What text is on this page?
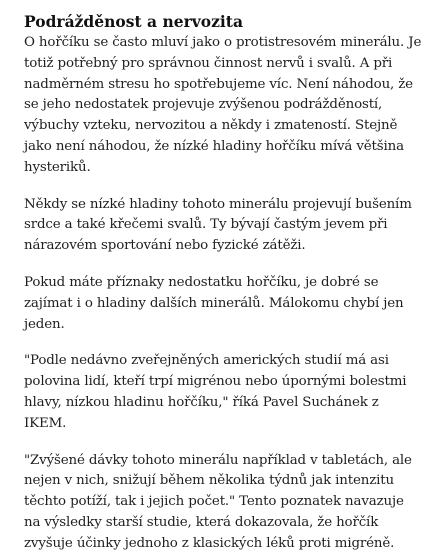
Podrážděnost a nervozita

O hořčíku se často mluví jako o protistresovém minerálu. Je totiž potřebný pro správnou činnost nervů i svalů. A při nadměrném stresu ho spotřebujeme víc. Není náhodou, že se jeho nedostatek projevuje zvýšenou podrážděností, výbuchy vzteku, nervozitou a někdy i zmateností. Stejně jako není náhodou, že nízké hladiny hořčíku mívá většina hysteriků.

Někdy se nízké hladiny tohoto minerálu projevují bušením srdce a také křečemi svalů. Ty bývají častým jevem při nárazovém sportování nebo fyzické zátěži.

Pokud máte příznaky nedostatku hořčíku, je dobré se zajímat i o hladiny dalších minerálů. Málokomu chybí jen jeden.

"Podle nedávno zveřejněných amerických studií má asi polovina lidí, kteří trpí migrénou nebo úpornými bolestmi hlavy, nízkou hladinu hořčíku," říká Pavel Suchánek z IKEM.

"Zvýšené dávky tohoto minerálu například v tabletách, ale nejen v nich, snižují během několika týdnů jak intenzitu těchto potíží, tak i jejich počet." Tento poznatek navazuje na výsledky starší studie, která dokazovala, že hořčík zvyšuje účinky jednoho z klasických léků proti migréně.
